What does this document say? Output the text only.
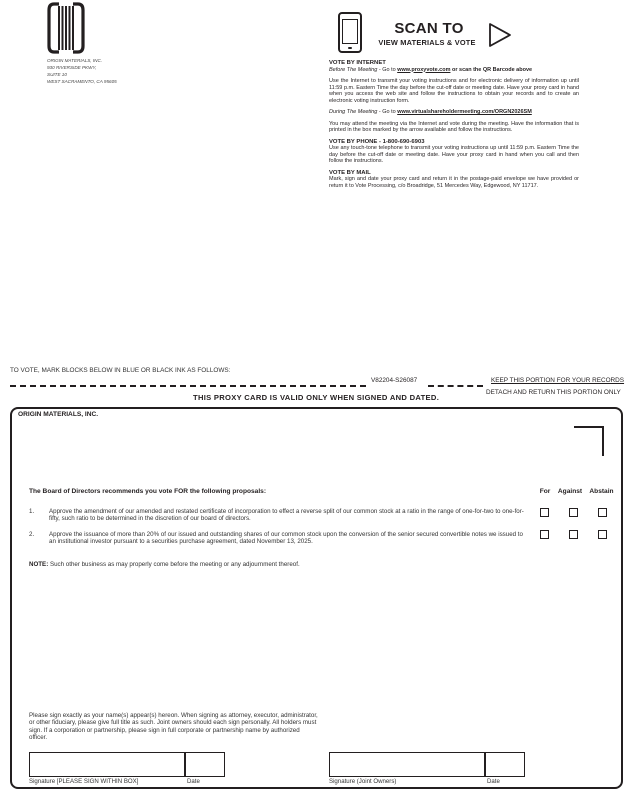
ORIGIN MATERIALS, INC.
930 RIVERSIDE PKWY,
SUITE 10
WEST SACRAMENTO, CA 95605
SCAN TO
VIEW MATERIALS & VOTE
VOTE BY INTERNET
Before The Meeting - Go to www.proxyvote.com or scan the QR Barcode above

Use the Internet to transmit your voting instructions and for electronic delivery of information up until 11:59 p.m. Eastern Time the day before the cut-off date or meeting date. Have your proxy card in hand when you access the web site and follow the instructions to obtain your records and to create an electronic voting instruction form.

During The Meeting - Go to www.virtualshareholdermeeting.com/ORGN2026SM

You may attend the meeting via the Internet and vote during the meeting. Have the information that is printed in the box marked by the arrow available and follow the instructions.

VOTE BY PHONE - 1-800-690-6903

Use any touch-tone telephone to transmit your voting instructions up until 11:59 p.m. Eastern Time the day before the cut-off date or meeting date. Have your proxy card in hand when you call and then follow the instructions.

VOTE BY MAIL

Mark, sign and date your proxy card and return it in the postage-paid envelope we have provided or return it to Vote Processing, c/o Broadridge, 51 Mercedes Way, Edgewood, NY 11717.

TO VOTE, MARK BLOCKS BELOW IN BLUE OR BLACK INK AS FOLLOWS:
V82204-S26087	KEEP THIS PORTION FOR YOUR RECORDS
DETACH AND RETURN THIS PORTION ONLY
THIS PROXY CARD IS VALID ONLY WHEN SIGNED AND DATED.
ORIGIN MATERIALS, INC.
The Board of Directors recommends you vote FOR the following proposals:	For	Against	Abstain
1. Approve the amendment of our amended and restated certificate of incorporation to effect a reverse split of our common stock at a ratio in the range of one-for-two to one-for-fifty, such ratio to be determined in the discretion of our board of directors.
2. Approve the issuance of more than 20% of our issued and outstanding shares of our common stock upon the conversion of the senior secured convertible notes we issued to an institutional investor pursuant to a securities purchase agreement, dated November 13, 2025.
NOTE: Such other business as may properly come before the meeting or any adjournment thereof.
Please sign exactly as your name(s) appear(s) hereon. When signing as attorney, executor, administrator, or other fiduciary, please give full title as such. Joint owners should each sign personally. All holders must sign. If a corporation or partnership, please sign in full corporate or partnership name by authorized officer.
Signature [PLEASE SIGN WITHIN BOX]	Date	Signature (Joint Owners)	Date
